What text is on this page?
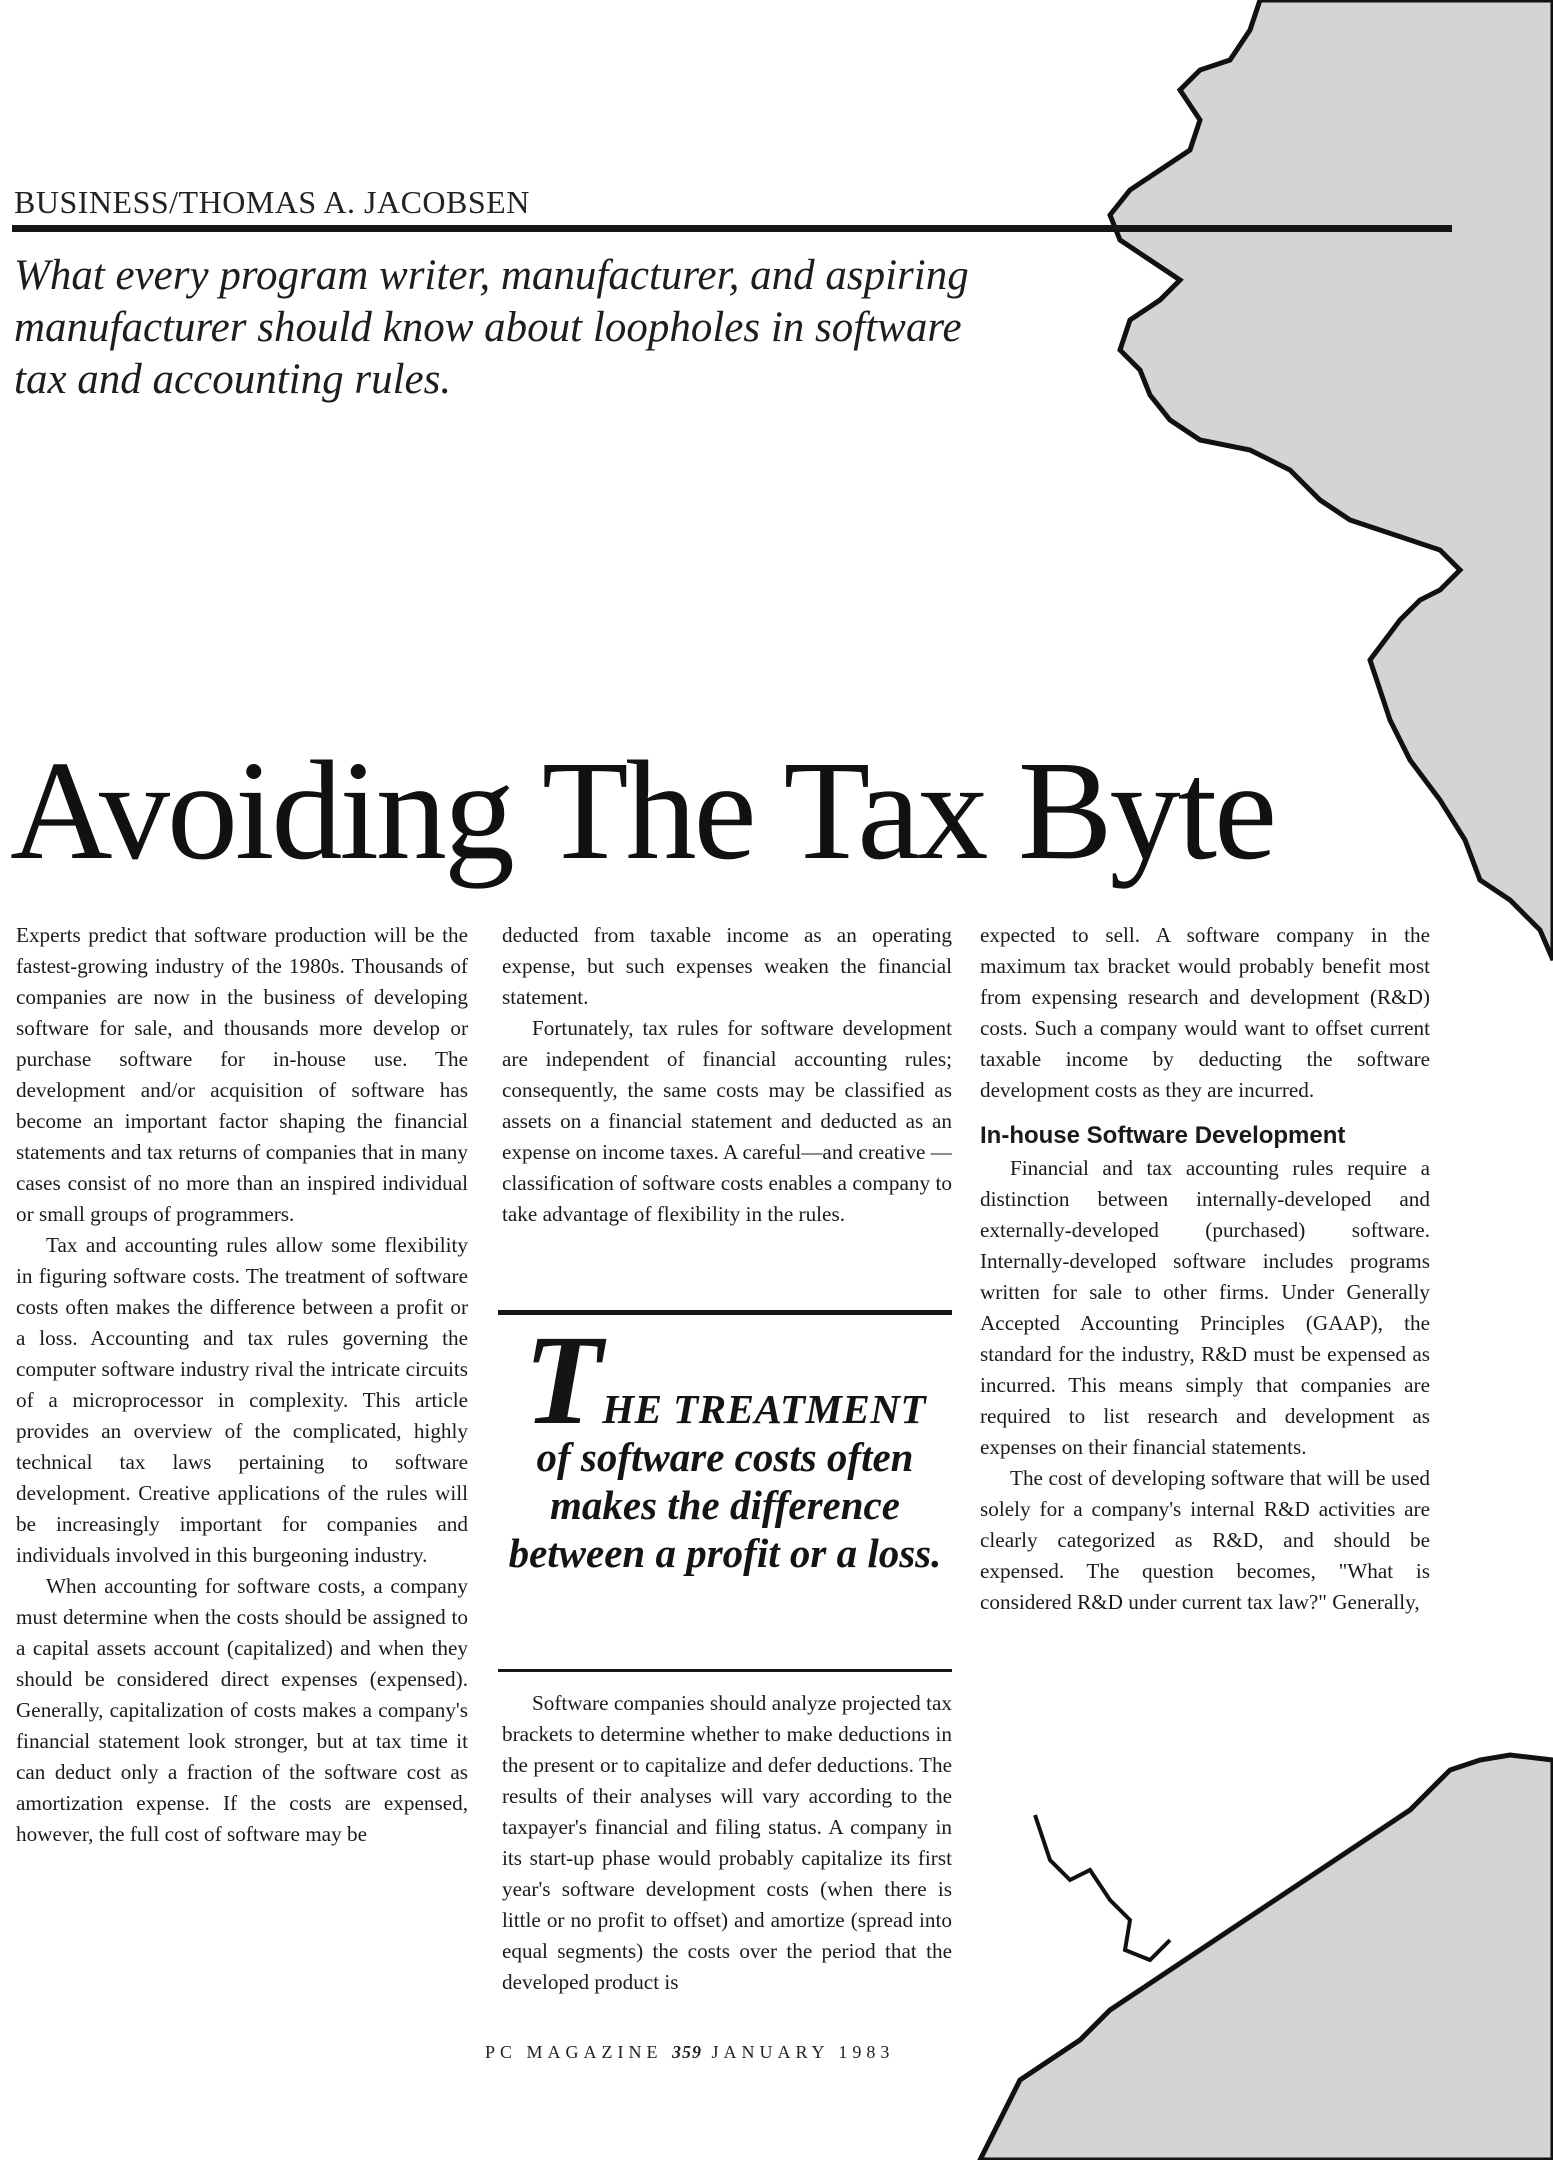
BUSINESS/THOMAS A. JACOBSEN
What every program writer, manufacturer, and aspiring manufacturer should know about loopholes in software tax and accounting rules.
Avoiding The Tax Byte

Experts predict that software production will be the fastest-growing industry of the 1980s. Thousands of companies are now in the business of developing software for sale, and thousands more develop or purchase software for in-house use. The development and/or acquisition of software has become an important factor shaping the financial statements and tax returns of companies that in many cases consist of no more than an inspired individual or small groups of programmers.

Tax and accounting rules allow some flexibility in figuring software costs. The treatment of software costs often makes the difference between a profit or a loss. Accounting and tax rules governing the computer software industry rival the intricate circuits of a microprocessor in complexity. This article provides an overview of the complicated, highly technical tax laws pertaining to software development. Creative applications of the rules will be increasingly important for companies and individuals involved in this burgeoning industry.

When accounting for software costs, a company must determine when the costs should be assigned to a capital assets account (capitalized) and when they should be considered direct expenses (expensed). Generally, capitalization of costs makes a company's financial statement look stronger, but at tax time it can deduct only a fraction of the software cost as amortization expense. If the costs are expensed, however, the full cost of software may be

deducted from taxable income as an operating expense, but such expenses weaken the financial statement.

Fortunately, tax rules for software development are independent of financial accounting rules; consequently, the same costs may be classified as assets on a financial statement and deducted as an expense on income taxes. A careful—and creative —classification of software costs enables a company to take advantage of flexibility in the rules.

THE TREATMENT
of software costs often makes the difference between a profit or a loss.

Software companies should analyze projected tax brackets to determine whether to make deductions in the present or to capitalize and defer deductions. The results of their analyses will vary according to the taxpayer's financial and filing status. A company in its start-up phase would probably capitalize its first year's software development costs (when there is little or no profit to offset) and amortize (spread into equal segments) the costs over the period that the developed product is

expected to sell. A software company in the maximum tax bracket would probably benefit most from expensing research and development (R&D) costs. Such a company would want to offset current taxable income by deducting the software development costs as they are incurred.

In-house Software Development

Financial and tax accounting rules require a distinction between internally-developed and externally-developed (purchased) software. Internally-developed software includes programs written for sale to other firms. Under Generally Accepted Accounting Principles (GAAP), the standard for the industry, R&D must be expensed as incurred. This means simply that companies are required to list research and development as expenses on their financial statements.

The cost of developing software that will be used solely for a company's internal R&D activities are clearly categorized as R&D, and should be expensed. The question becomes, "What is considered R&D under current tax law?" Generally,

PC MAGAZINE 359 JANUARY 1983
